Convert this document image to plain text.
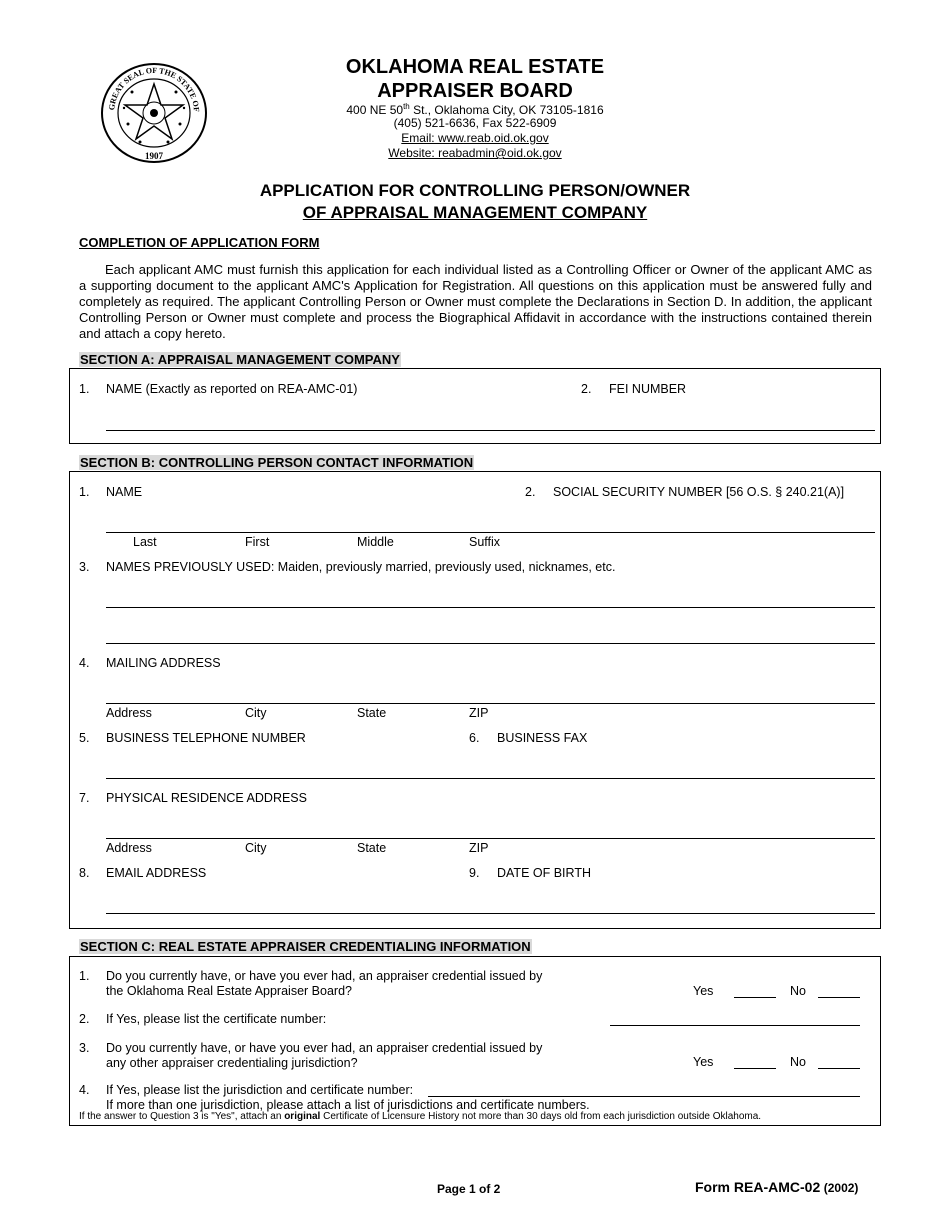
GREAT SEAL OF THE STATE OF
1907
OKLAHOMA REAL ESTATE
APPRAISER BOARD
400 NE 50th St., Oklahoma City, OK 73105-1816
(405) 521-6636, Fax 522-6909
Email: www.reab.oid.ok.gov
Website: reabadmin@oid.ok.gov
APPLICATION FOR CONTROLLING PERSON/OWNER
OF APPRAISAL MANAGEMENT COMPANY
COMPLETION OF APPLICATION FORM
Each applicant AMC must furnish this application for each individual listed as a Controlling Officer or Owner of the applicant AMC as a supporting document to the applicant AMC's Application for Registration. All questions on this application must be answered fully and completely as required. The applicant Controlling Person or Owner must complete the Declarations in Section D. In addition, the applicant Controlling Person or Owner must complete and process the Biographical Affidavit in accordance with the instructions contained therein and attach a copy hereto.
SECTION A: APPRAISAL MANAGEMENT COMPANY
1. NAME (Exactly as reported on REA-AMC-01)	2. FEI NUMBER
SECTION B: CONTROLLING PERSON CONTACT INFORMATION
1. NAME	2. SOCIAL SECURITY NUMBER [56 O.S. § 240.21(A)]
Last	First	Middle	Suffix
3. NAMES PREVIOUSLY USED: Maiden, previously married, previously used, nicknames, etc.
4. MAILING ADDRESS
Address	City	State	ZIP
5. BUSINESS TELEPHONE NUMBER	6. BUSINESS FAX
7. PHYSICAL RESIDENCE ADDRESS
Address	City	State	ZIP
8. EMAIL ADDRESS	9. DATE OF BIRTH
SECTION C: REAL ESTATE APPRAISER CREDENTIALING INFORMATION
1. Do you currently have, or have you ever had, an appraiser credential issued by
the Oklahoma Real Estate Appraiser Board?	Yes	No
2. If Yes, please list the certificate number:
3. Do you currently have, or have you ever had, an appraiser credential issued by
any other appraiser credentialing jurisdiction?	Yes	No
4. If Yes, please list the jurisdiction and certificate number:
If more than one jurisdiction, please attach a list of jurisdictions and certificate numbers.
If the answer to Question 3 is "Yes", attach an original Certificate of Licensure History not more than 30 days old from each jurisdiction outside Oklahoma.
Page 1 of 2	Form REA-AMC-02 (2002)
